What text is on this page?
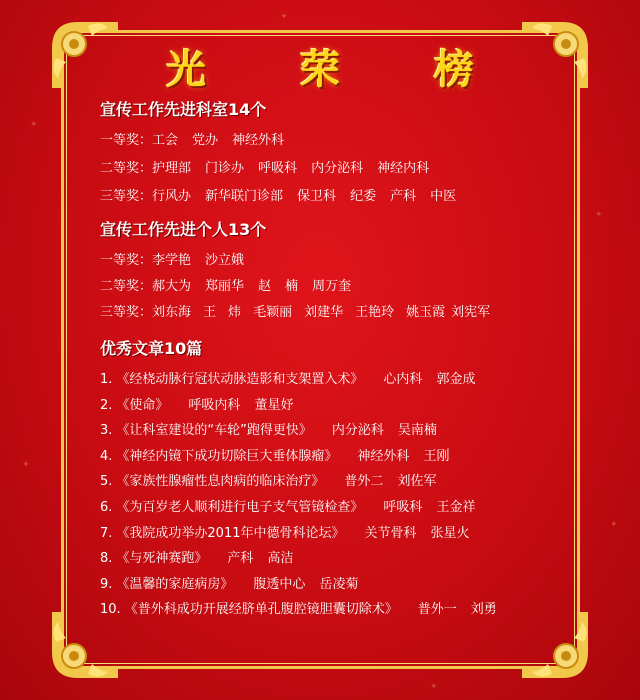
✦
✦
✦
✦
✦
✦
光 荣 榜

宣传工作先进科室14个

一等奖：工会 党办 神经外科

二等奖：护理部 门诊办 呼吸科 内分泌科 神经内科

三等奖：行风办 新华联门诊部 保卫科 纪委 产科 中医

宣传工作先进个人13个

一等奖：李学艳 沙立娥

二等奖：郝大为 郑丽华 赵 楠 周万奎

三等奖：刘东海 王 炜 毛颖丽 刘建华 王艳玲 姚玉霞 刘宪军

优秀文章10篇

1. 《经桡动脉行冠状动脉造影和支架置入术》 心内科 郭金成

2. 《使命》 呼吸内科 董星妤

3. 《让科室建设的“车轮”跑得更快》 内分泌科 吴南楠

4. 《神经内镜下成功切除巨大垂体腺瘤》 神经外科 王刚

5. 《家族性腺瘤性息肉病的临床治疗》 普外二 刘佐军

6. 《为百岁老人顺利进行电子支气管镜检查》 呼吸科 王金祥

7. 《我院成功举办2011年中德骨科论坛》 关节骨科 张星火

8. 《与死神赛跑》 产科 高洁

9. 《温馨的家庭病房》 腹透中心 岳凌菊

10. 《普外科成功开展经脐单孔腹腔镜胆囊切除术》 普外一 刘勇
